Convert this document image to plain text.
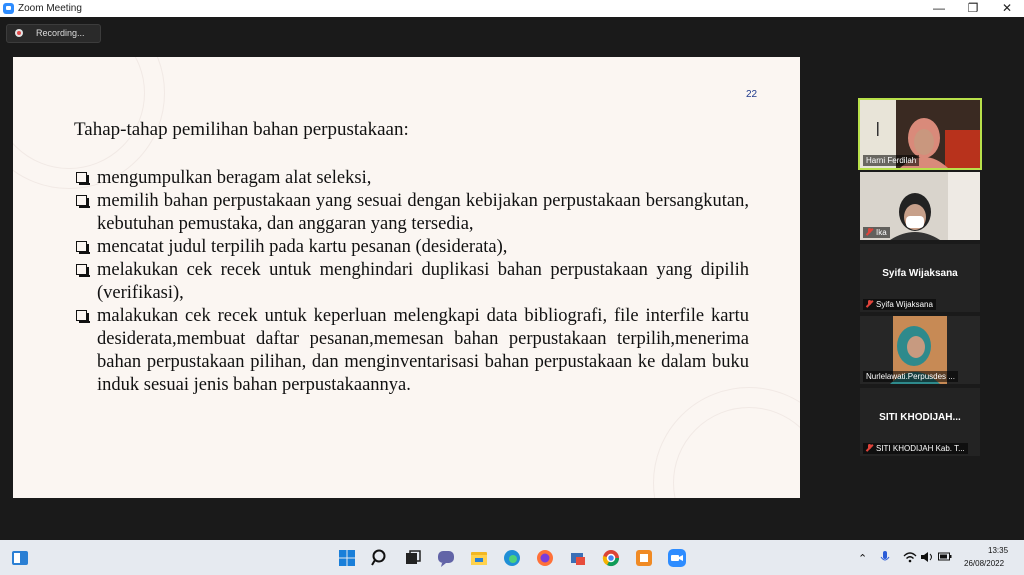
Zoom Meeting	—	❐	✕
Recording...
22
Tahap-tahap pemilihan bahan perpustakaan:
mengumpulkan beragam alat seleksi,
memilih bahan perpustakaan yang sesuai dengan kebijakan perpustakaan bersangkutan, kebutuhan pemustaka, dan anggaran yang tersedia,
mencatat judul terpilih pada kartu pesanan (desiderata),
melakukan cek recek untuk menghindari duplikasi bahan perpustakaan yang dipilih (verifikasi),
malakukan cek recek untuk keperluan melengkapi data bibliografi, file interfile kartu desiderata,membuat daftar pesanan,memesan bahan perpustakaan terpilih,menerima bahan perpustakaan pilihan, dan menginventarisasi bahan perpustakaan ke dalam buku induk sesuai jenis bahan perpustakaannya.
Harni Ferdilah
Ika
Syifa Wijaksana
Syifa Wijaksana
Nurlelawati.Perpusdes ...
SITI KHODIJAH...
SITI KHODIJAH Kab. T...
⌃
13:35
26/08/2022
